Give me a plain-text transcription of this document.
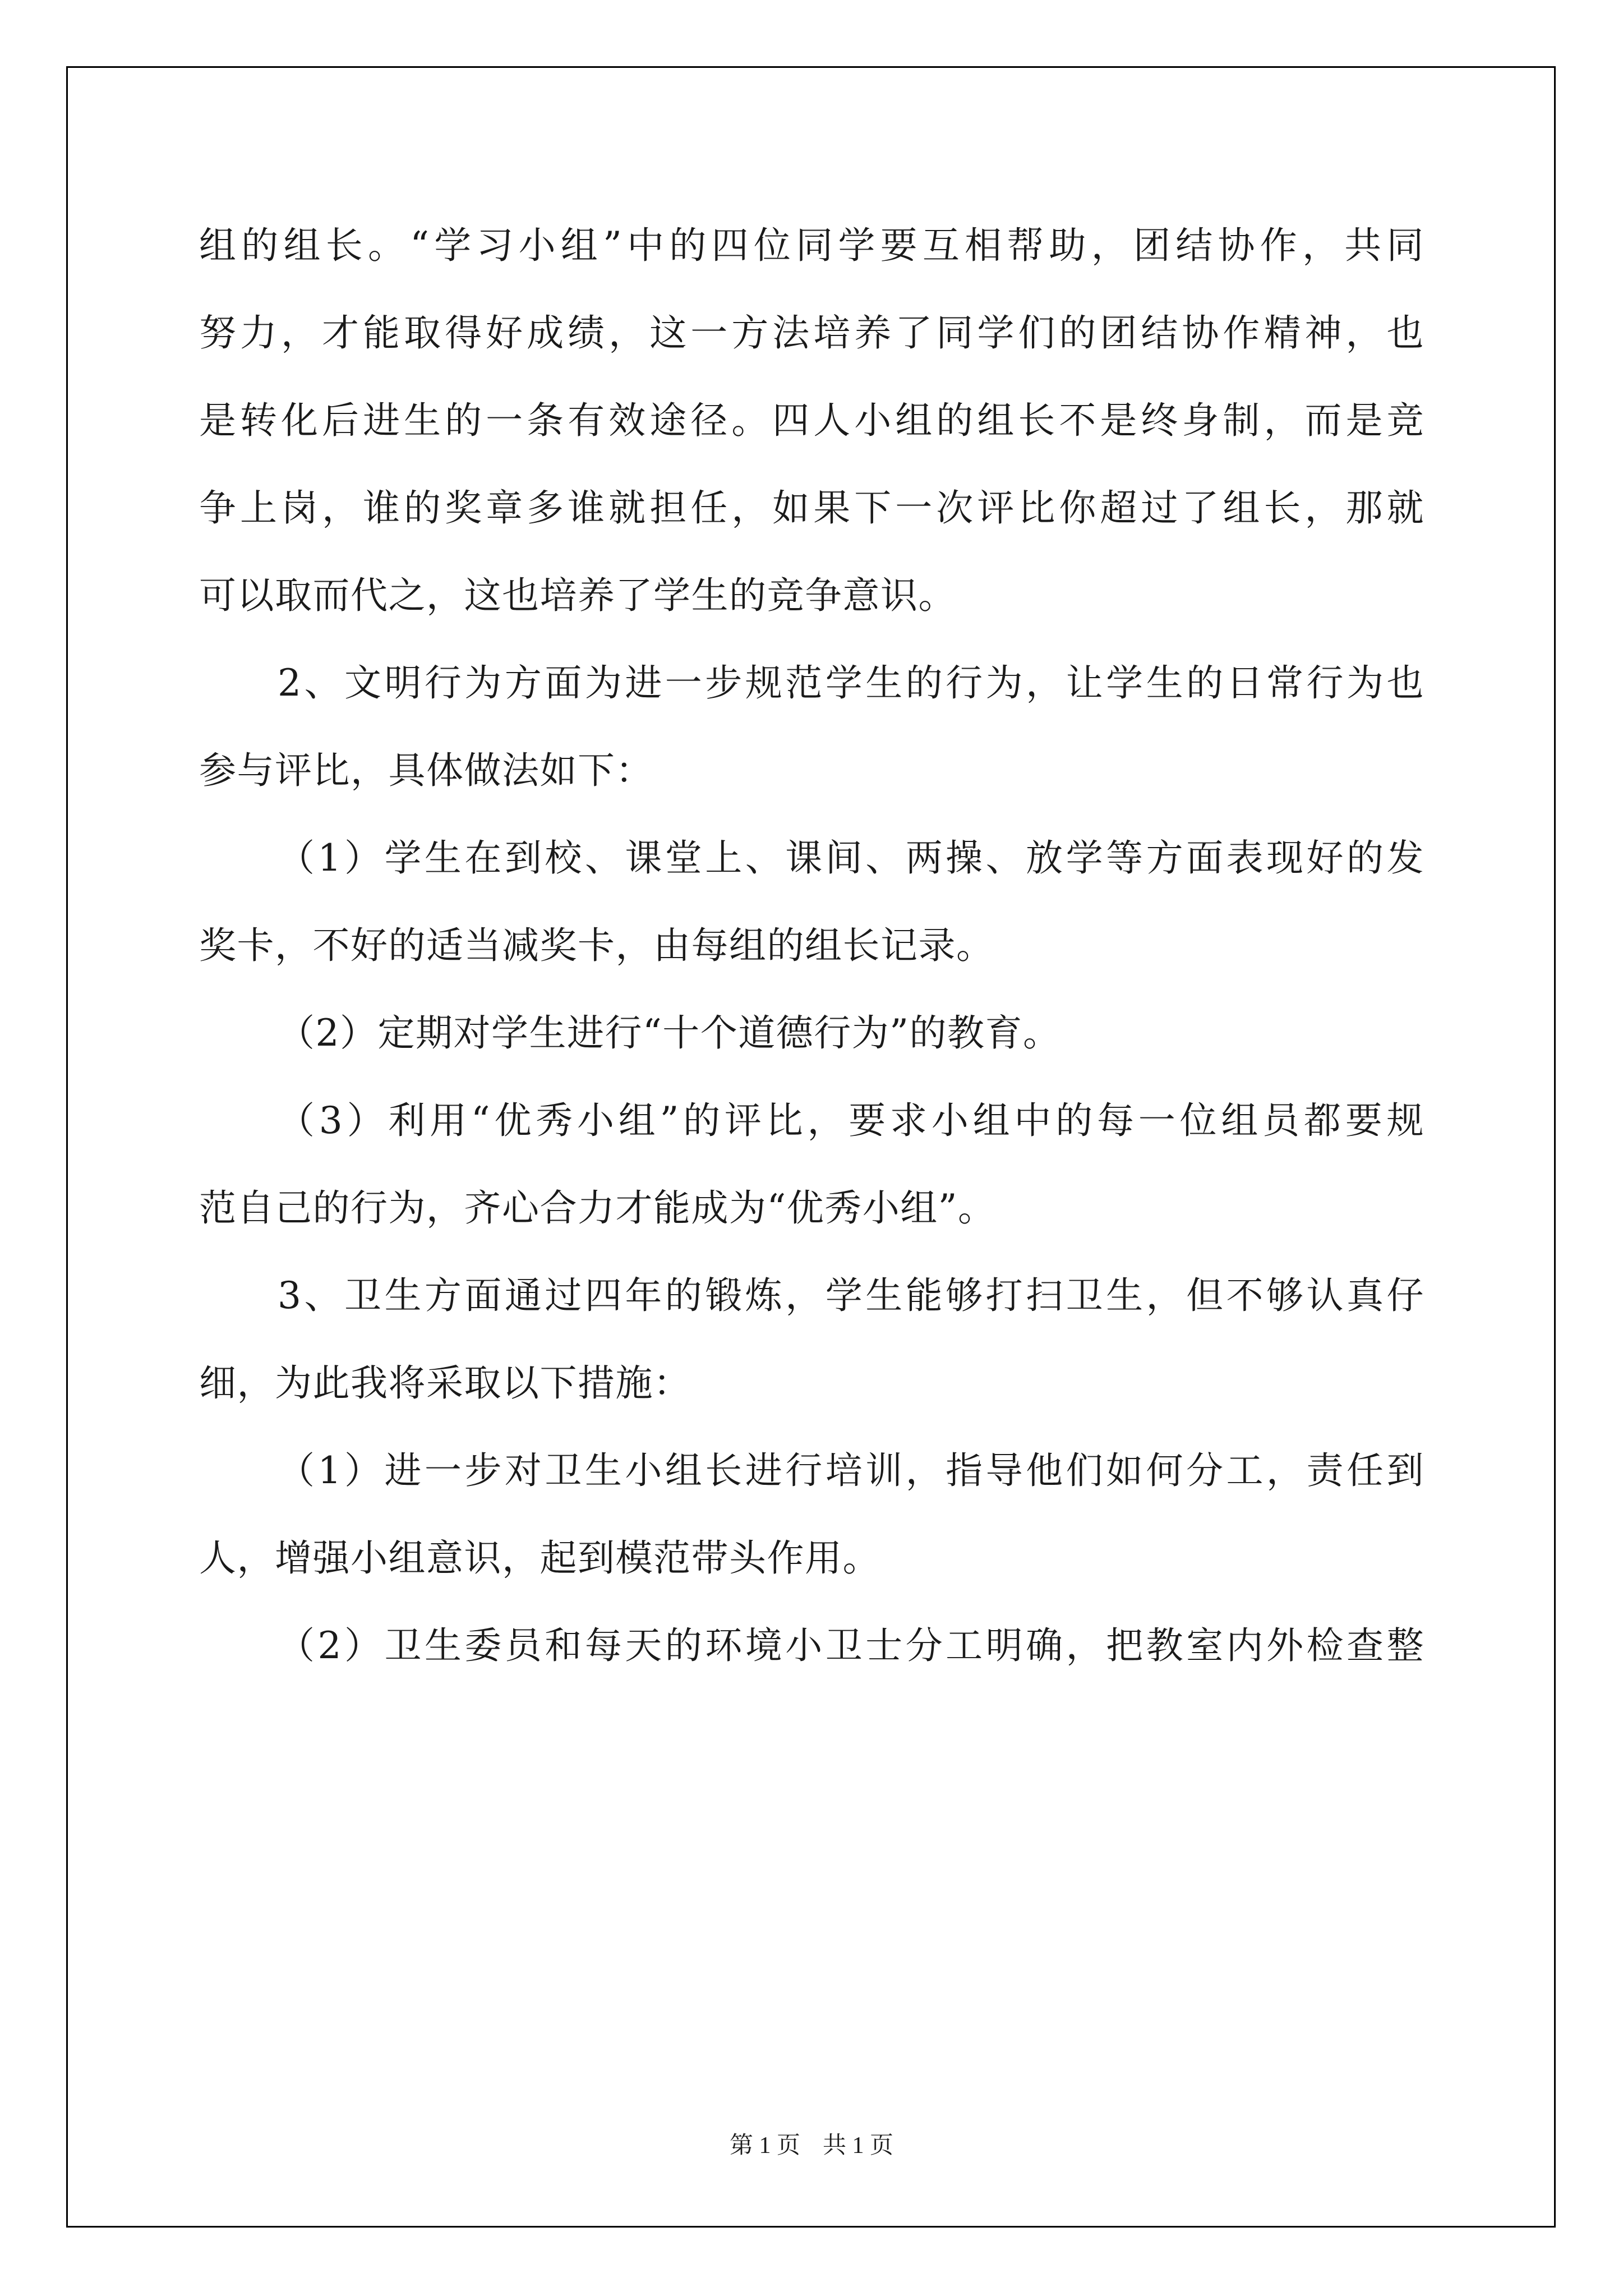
组的组长。“学习小组”中的四位同学要互相帮助，团结协作，共同
努力，才能取得好成绩，这一方法培养了同学们的团结协作精神，也
是转化后进生的一条有效途径。四人小组的组长不是终身制，而是竞
争上岗，谁的奖章多谁就担任，如果下一次评比你超过了组长，那就
可以取而代之，这也培养了学生的竞争意识。
2、文明行为方面为进一步规范学生的行为，让学生的日常行为也
参与评比，具体做法如下：
（1）学生在到校、课堂上、课间、两操、放学等方面表现好的发
奖卡，不好的适当减奖卡，由每组的组长记录。
（2）定期对学生进行“十个道德行为”的教育。
（3）利用“优秀小组”的评比，要求小组中的每一位组员都要规
范自己的行为，齐心合力才能成为“优秀小组”。
3、卫生方面通过四年的锻炼，学生能够打扫卫生，但不够认真仔
细，为此我将采取以下措施：
（1）进一步对卫生小组长进行培训，指导他们如何分工，责任到
人，增强小组意识，起到模范带头作用。
（2）卫生委员和每天的环境小卫士分工明确，把教室内外检查整
第 1 页 共 1 页
